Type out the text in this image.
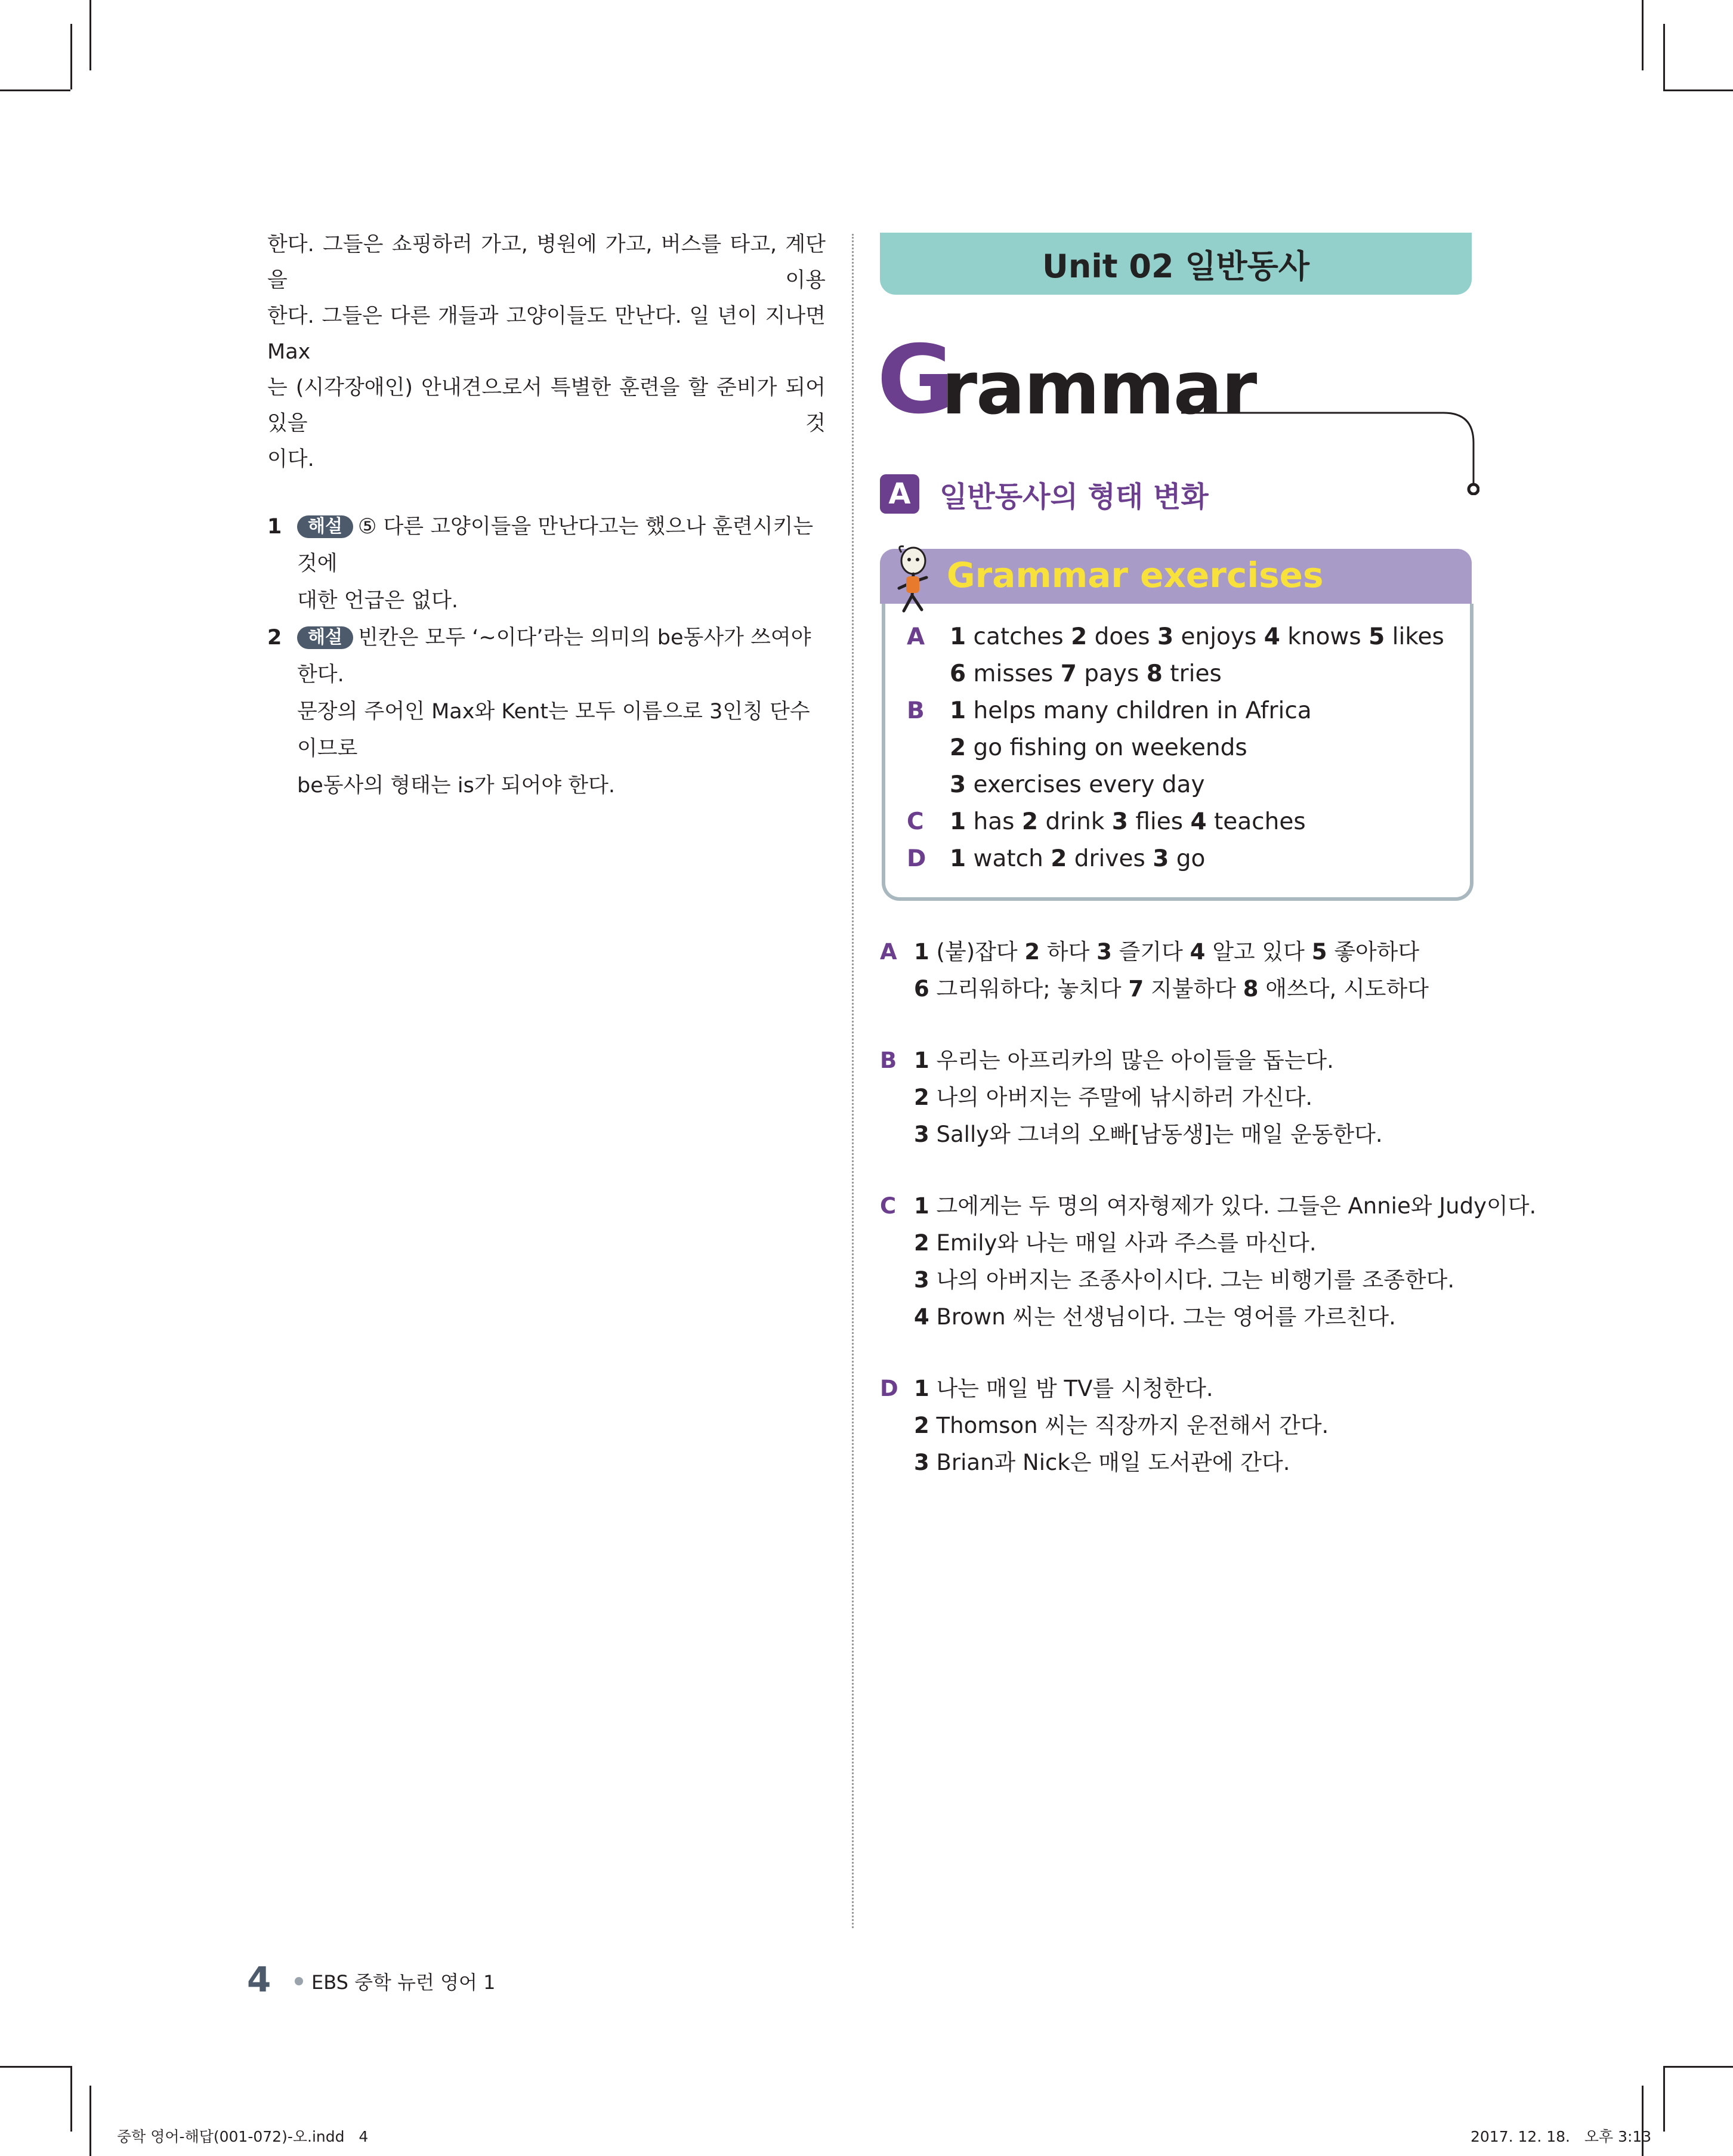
한다. 그들은 쇼핑하러 가고, 병원에 가고, 버스를 타고, 계단을 이용
한다. 그들은 다른 개들과 고양이들도 만난다. 일 년이 지나면 Max
는 (시각장애인) 안내견으로서 특별한 훈련을 할 준비가 되어 있을 것
이다.

1	해설 ⑤ 다른 고양이들을 만난다고는 했으나 훈련시키는 것에
대한 언급은 없다.
2	해설 빈칸은 모두 ‘~이다’라는 의미의 be동사가 쓰여야 한다.
문장의 주어인 Max와 Kent는 모두 이름으로 3인칭 단수이므로
be동사의 형태는 is가 되어야 한다.
Unit 02 일반동사
G
rammar
A	일반동사의 형태 변화
Grammar exercises
A 1 catches 2 does 3 enjoys 4 knows 5 likes
6 misses 7 pays 8 tries
B 1 helps many children in Africa
2 go fishing on weekends
3 exercises every day
C 1 has 2 drink 3 flies 4 teaches
D 1 watch 2 drives 3 go
A 1 (붙)잡다 2 하다 3 즐기다 4 알고 있다 5 좋아하다
6 그리워하다; 놓치다 7 지불하다 8 애쓰다, 시도하다
B 1 우리는 아프리카의 많은 아이들을 돕는다.
2 나의 아버지는 주말에 낚시하러 가신다.
3 Sally와 그녀의 오빠[남동생]는 매일 운동한다.
C 1 그에게는 두 명의 여자형제가 있다. 그들은 Annie와 Judy이다.
2 Emily와 나는 매일 사과 주스를 마신다.
3 나의 아버지는 조종사이시다. 그는 비행기를 조종한다.
4 Brown 씨는 선생님이다. 그는 영어를 가르친다.
D 1 나는 매일 밤 TV를 시청한다.
2 Thomson 씨는 직장까지 운전해서 간다.
3 Brian과 Nick은 매일 도서관에 간다.
4 EBS 중학 뉴런 영어 1
중학 영어-해답(001-072)-오.indd   4	2017. 12. 18.   오후 3:13
